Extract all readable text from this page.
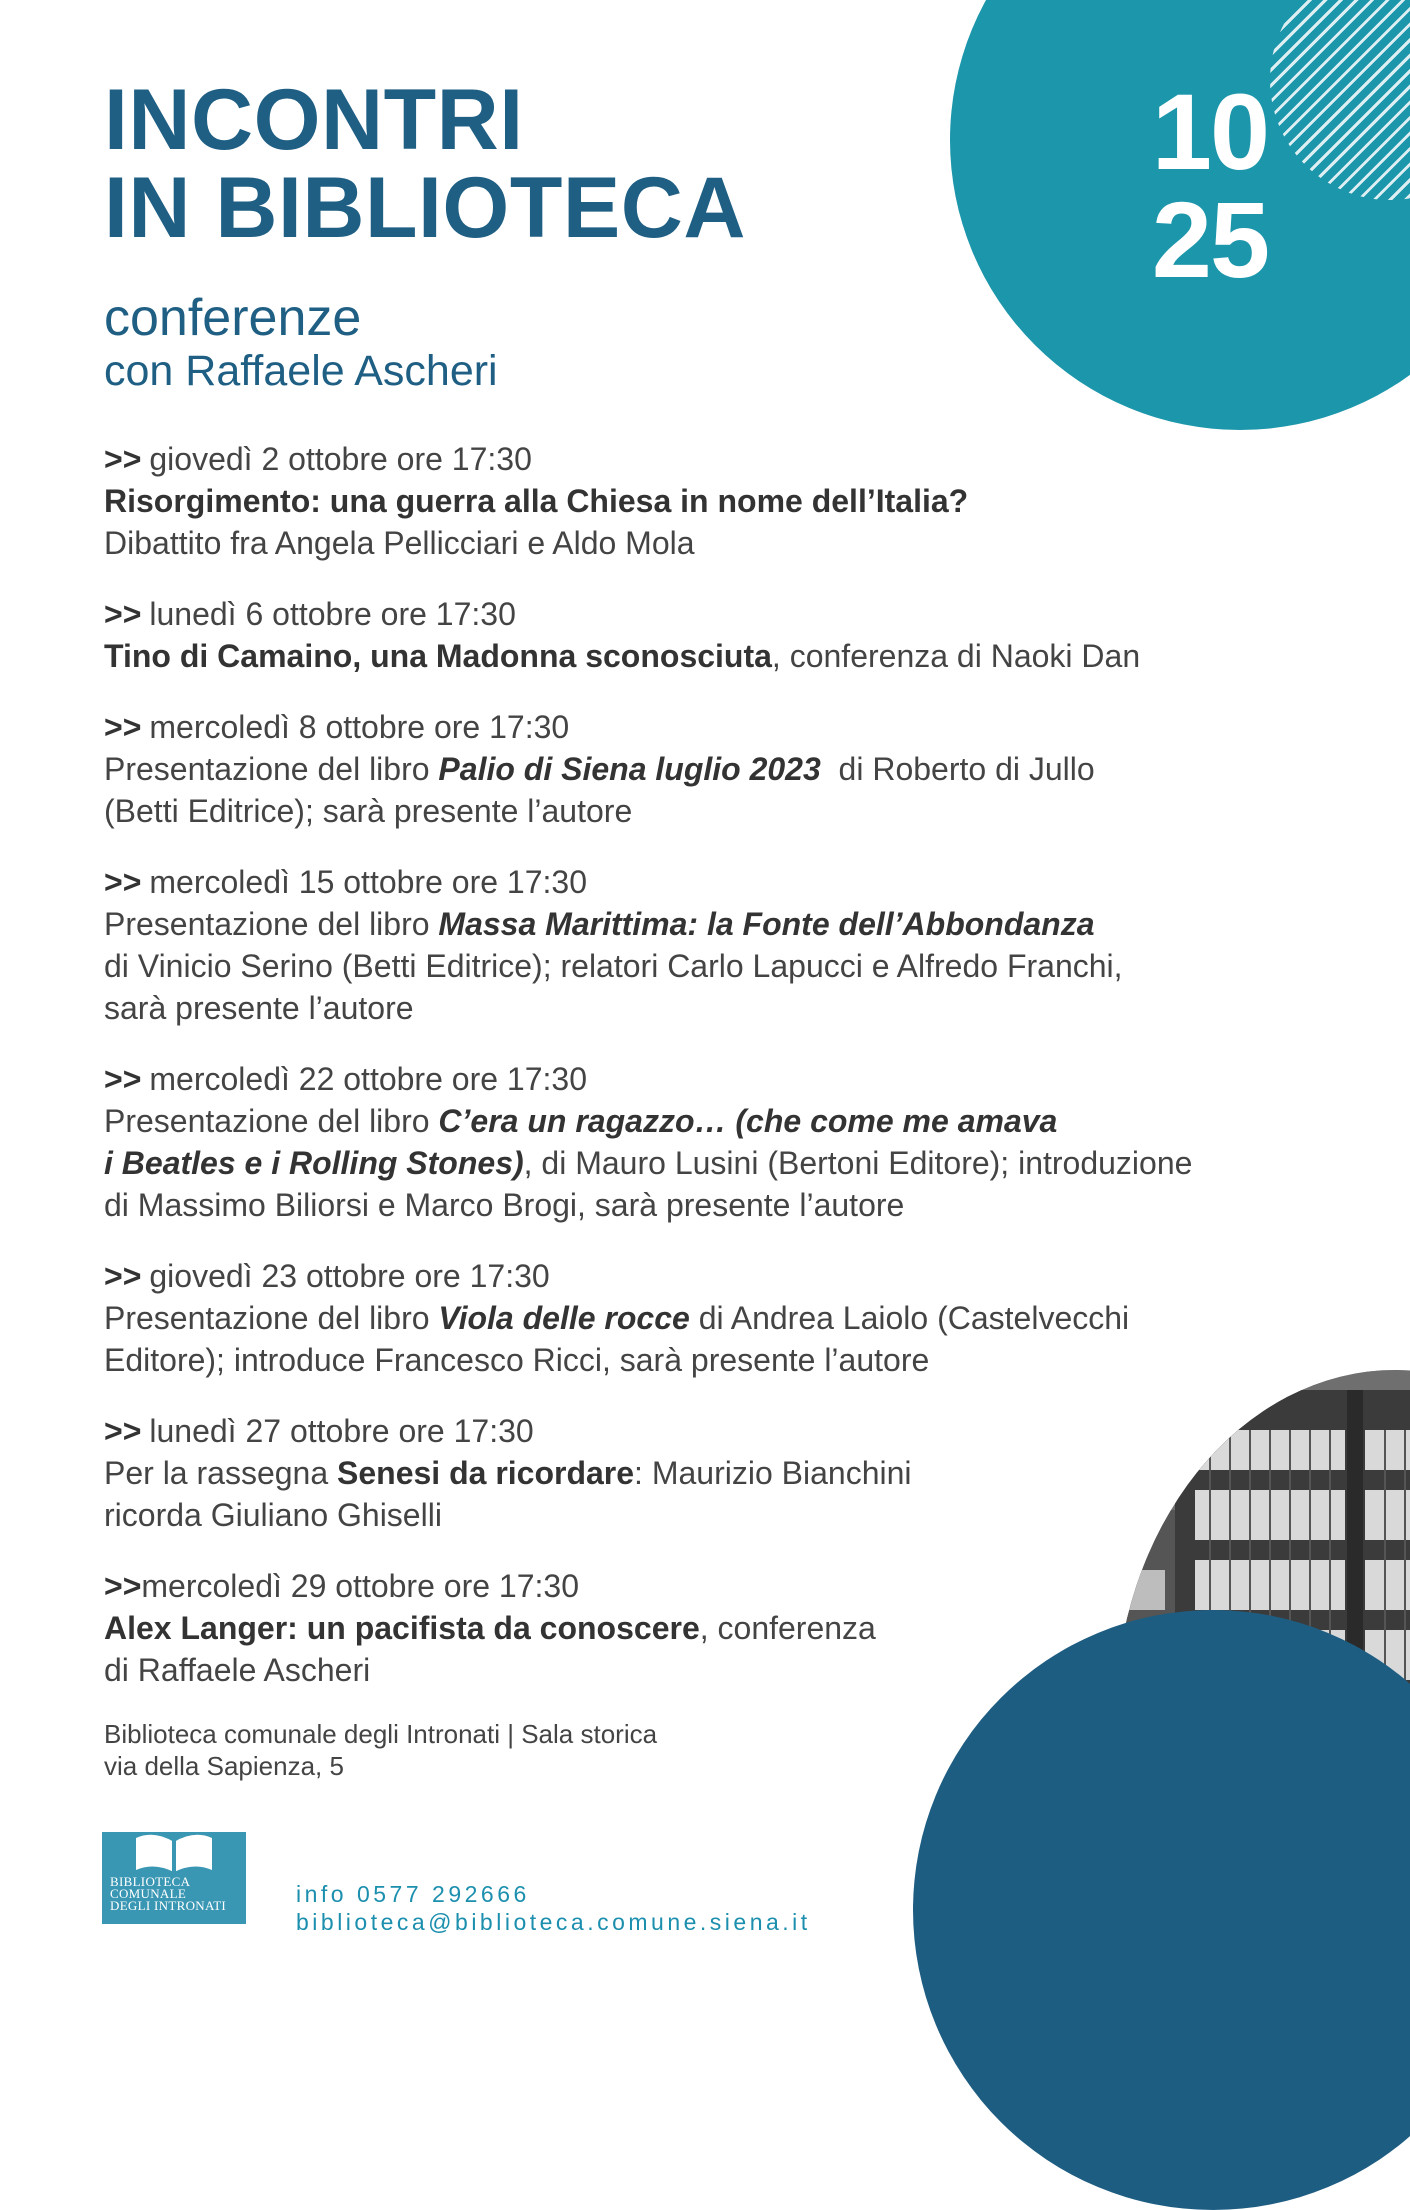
10
25
INCONTRI
IN BIBLIOTECA

conferenze

con Raffaele Ascheri

>> giovedì 2 ottobre ore 17:30
Risorgimento: una guerra alla Chiesa in nome dell’Italia?
Dibattito fra Angela Pellicciari e Aldo Mola
>> lunedì 6 ottobre ore 17:30
Tino di Camaino, una Madonna sconosciuta, conferenza di Naoki Dan
>> mercoledì 8 ottobre ore 17:30
Presentazione del libro Palio di Siena luglio 2023  di Roberto di Jullo
(Betti Editrice); sarà presente l’autore
>> mercoledì 15 ottobre ore 17:30
Presentazione del libro Massa Marittima: la Fonte dell’Abbondanza
di Vinicio Serino (Betti Editrice); relatori Carlo Lapucci e Alfredo Franchi,
sarà presente l’autore
>> mercoledì 22 ottobre ore 17:30
Presentazione del libro C’era un ragazzo… (che come me amava
i Beatles e i Rolling Stones), di Mauro Lusini (Bertoni Editore); introduzione
di Massimo Biliorsi e Marco Brogi, sarà presente l’autore
>> giovedì 23 ottobre ore 17:30
Presentazione del libro Viola delle rocce di Andrea Laiolo (Castelvecchi
Editore); introduce Francesco Ricci, sarà presente l’autore
>> lunedì 27 ottobre ore 17:30
Per la rassegna Senesi da ricordare: Maurizio Bianchini
ricorda Giuliano Ghiselli
>>mercoledì 29 ottobre ore 17:30
Alex Langer: un pacifista da conoscere, conferenza
di Raffaele Ascheri
Biblioteca comunale degli Intronati | Sala storica
via della Sapienza, 5
BIBLIOTECA
COMUNALE
DEGLI INTRONATI	info 0577 292666
biblioteca@biblioteca.comune.siena.it
